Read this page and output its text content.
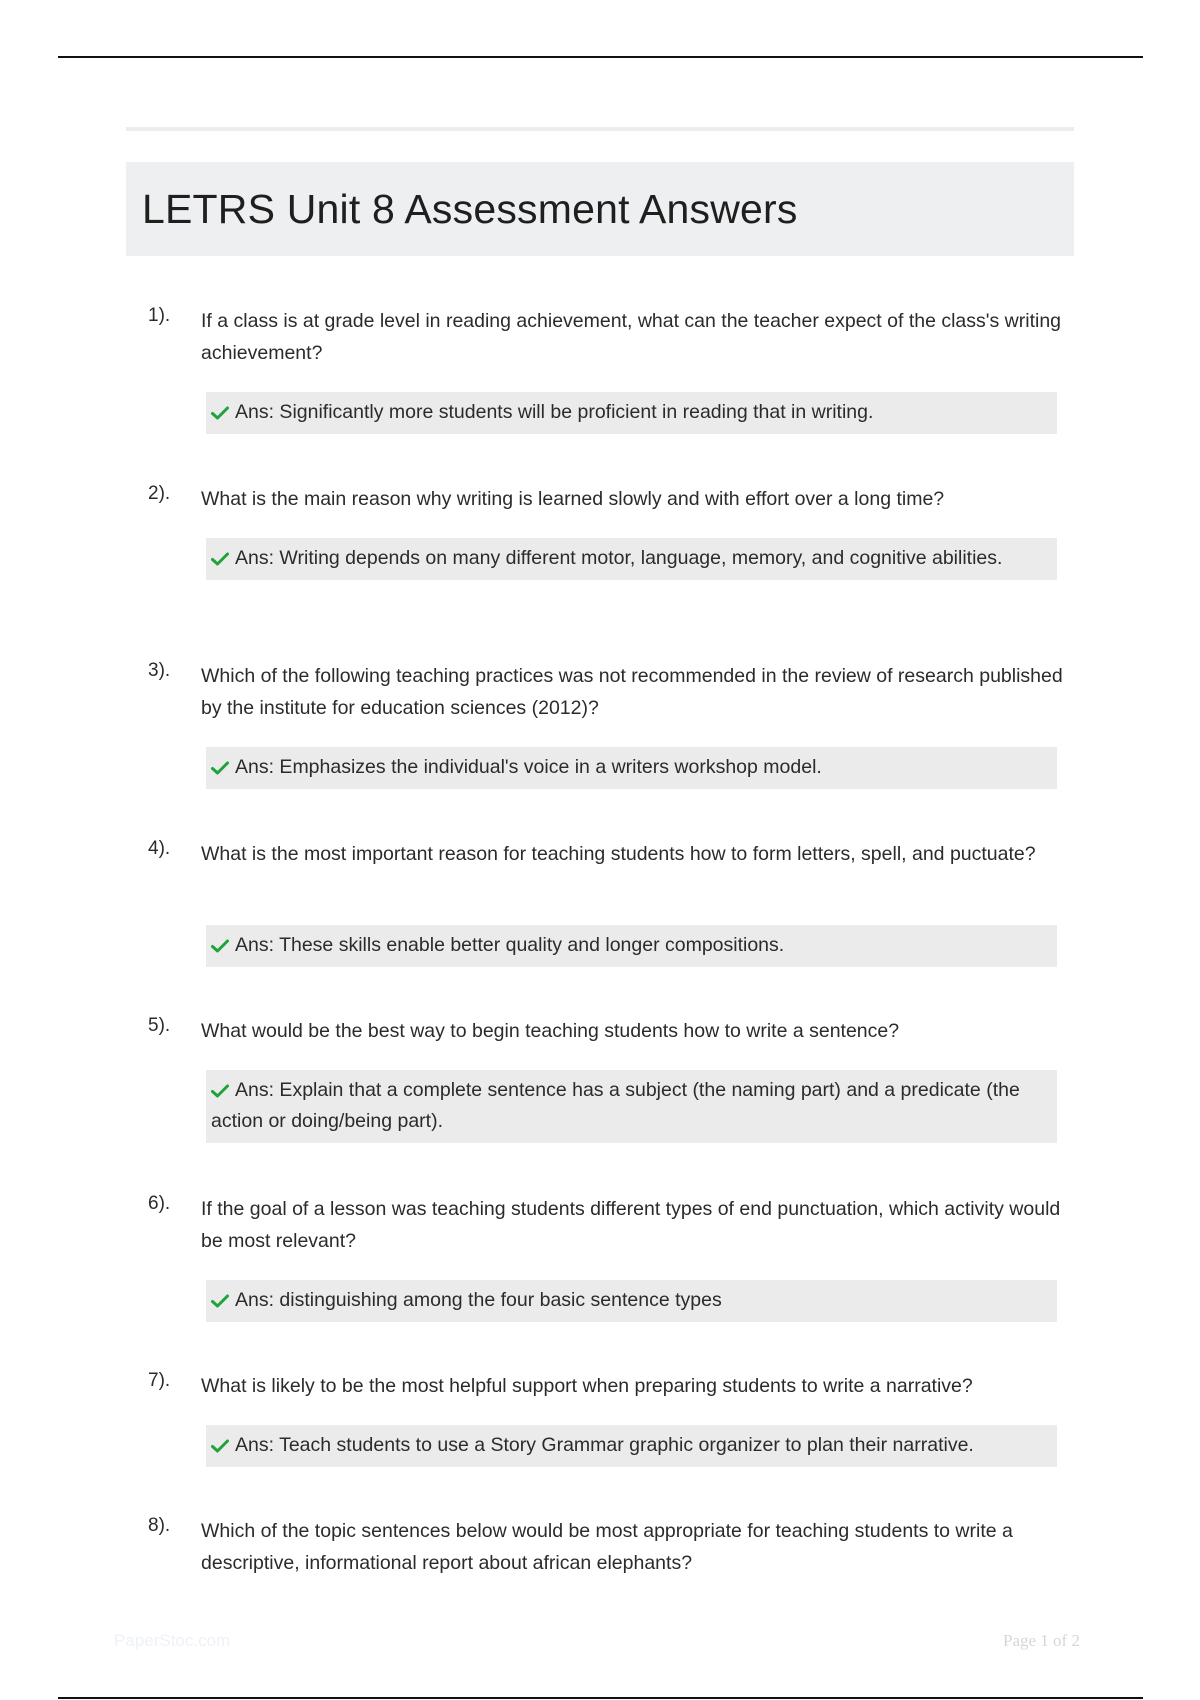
LETRS Unit 8 Assessment Answers
1). If a class is at grade level in reading achievement, what can the teacher expect of the class's writing achievement?
Ans: Significantly more students will be proficient in reading that in writing.
2). What is the main reason why writing is learned slowly and with effort over a long time?
Ans: Writing depends on many different motor, language, memory, and cognitive abilities.
3). Which of the following teaching practices was not recommended in the review of research published by the institute for education sciences (2012)?
Ans: Emphasizes the individual's voice in a writers workshop model.
4). What is the most important reason for teaching students how to form letters, spell, and puctuate?
Ans: These skills enable better quality and longer compositions.
5). What would be the best way to begin teaching students how to write a sentence?
Ans: Explain that a complete sentence has a subject (the naming part) and a predicate (the action or doing/being part).
6). If the goal of a lesson was teaching students different types of end punctuation, which activity would be most relevant?
Ans: distinguishing among the four basic sentence types
7). What is likely to be the most helpful support when preparing students to write a narrative?
Ans: Teach students to use a Story Grammar graphic organizer to plan their narrative.
8). Which of the topic sentences below would be most appropriate for teaching students to write a descriptive, informational report about african elephants?
PaperStoc.com	Page 1 of 2
